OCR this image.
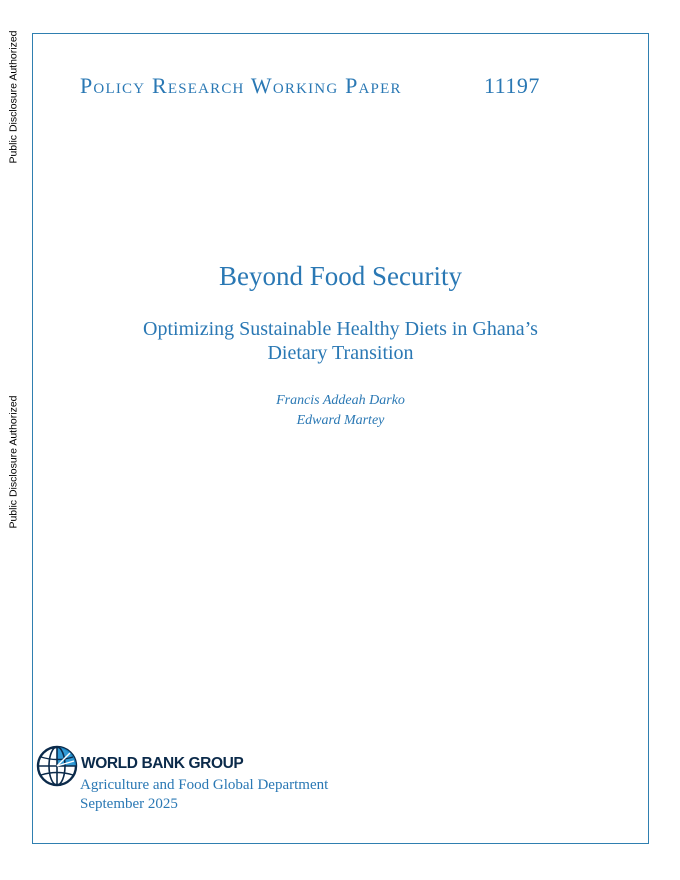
Public Disclosure Authorized
Public Disclosure Authorized
Policy Research Working Paper	11197
Beyond Food Security
Optimizing Sustainable Healthy Diets in Ghana’s
Dietary Transition
Francis Addeah Darko
Edward Martey
WORLD BANK GROUP
Agriculture and Food Global Department
September 2025
